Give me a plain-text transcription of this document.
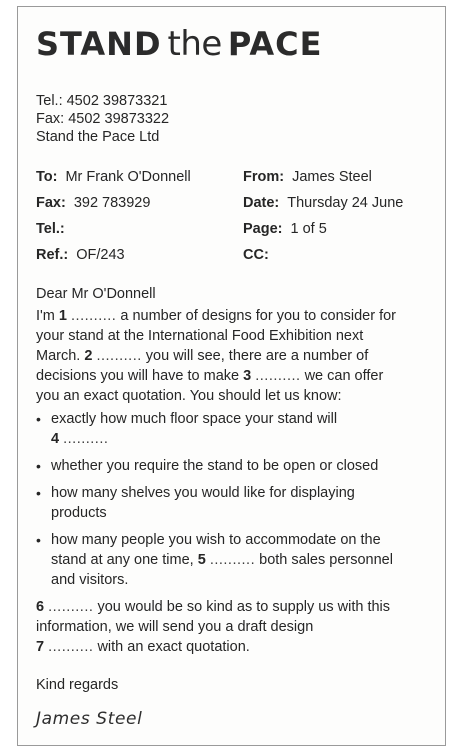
STAND the PACE
Tel.: 4502 39873321
Fax: 4502 39873322
Stand the Pace Ltd
To: Mr Frank O'Donnell
Fax: 392 783929
Tel.:
Ref.: OF/243
From: James Steel
Date: Thursday 24 June
Page: 1 of 5
CC:
Dear Mr O'Donnell
I'm 1 .......... a number of designs for you to consider for
your stand at the International Food Exhibition next
March. 2 .......... you will see, there are a number of
decisions you will have to make 3 .......... we can offer
you an exact quotation. You should let us know:
• exactly how much floor space your stand will
4 ..........
• whether you require the stand to be open or closed
• how many shelves you would like for displaying
products
• how many people you wish to accommodate on the
stand at any one time, 5 .......... both sales personnel
and visitors.
6 .......... you would be so kind as to supply us with this
information, we will send you a draft design
7 .......... with an exact quotation.
Kind regards
James Steel
